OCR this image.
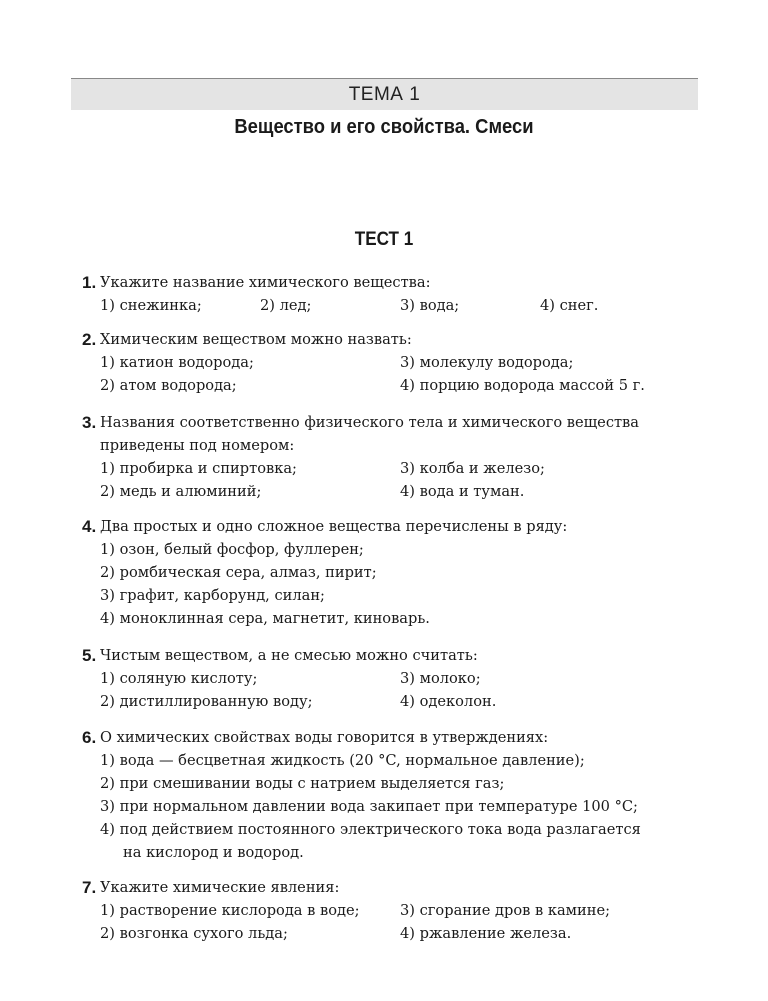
ТЕМА 1
Вещество и его свойства. Смеси
ТЕСТ 1
1. Укажите название химического вещества:
1) снежинка;	2) лед;	3) вода;	4) снег.
2. Химическим веществом можно назвать:
1) катион водорода;	3) молекулу водорода;
2) атом водорода;	4) порцию водорода массой 5 г.
3. Названия соответственно физического тела и химического вещества
приведены под номером:
1) пробирка и спиртовка;	3) колба и железо;
2) медь и алюминий;	4) вода и туман.
4. Два простых и одно сложное вещества перечислены в ряду:
1) озон, белый фосфор, фуллерен;
2) ромбическая сера, алмаз, пирит;
3) графит, карборунд, силан;
4) моноклинная сера, магнетит, киноварь.
5. Чистым веществом, а не смесью можно считать:
1) соляную кислоту;	3) молоко;
2) дистиллированную воду;	4) одеколон.
6. О химических свойствах воды говорится в утверждениях:
1) вода — бесцветная жидкость (20 °C, нормальное давление);
2) при смешивании воды с натрием выделяется газ;
3) при нормальном давлении вода закипает при температуре 100 °C;
4) под действием постоянного электрического тока вода разлагается
на кислород и водород.
7. Укажите химические явления:
1) растворение кислорода в воде;	3) сгорание дров в камине;
2) возгонка сухого льда;	4) ржавление железа.
